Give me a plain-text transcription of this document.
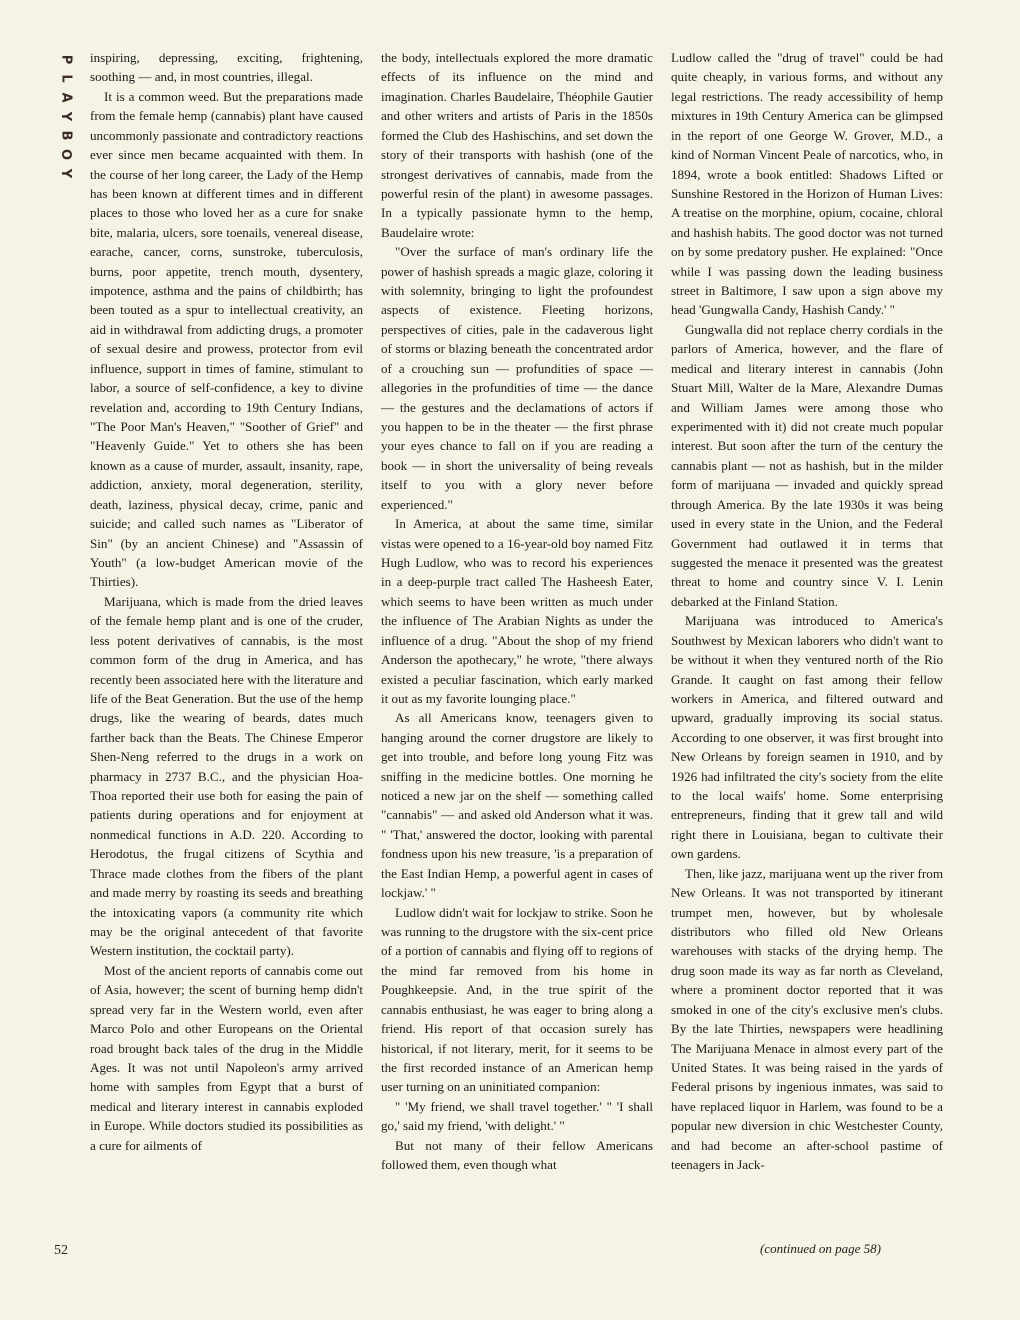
P
L
A
Y
B
O
Y
52

inspiring, depressing, exciting, frightening, soothing — and, in most countries, illegal.

It is a common weed. But the preparations made from the female hemp (cannabis) plant have caused uncommonly passionate and contradictory reactions ever since men became acquainted with them. In the course of her long career, the Lady of the Hemp has been known at different times and in different places to those who loved her as a cure for snake bite, malaria, ulcers, sore toenails, venereal disease, earache, cancer, corns, sunstroke, tuberculosis, burns, poor appetite, trench mouth, dysentery, impotence, asthma and the pains of childbirth; has been touted as a spur to intellectual creativity, an aid in withdrawal from addicting drugs, a promoter of sexual desire and prowess, protector from evil influence, support in times of famine, stimulant to labor, a source of self-confidence, a key to divine revelation and, according to 19th Century Indians, "The Poor Man's Heaven," "Soother of Grief" and "Heavenly Guide." Yet to others she has been known as a cause of murder, assault, insanity, rape, addiction, anxiety, moral degeneration, sterility, death, laziness, physical decay, crime, panic and suicide; and called such names as "Liberator of Sin" (by an ancient Chinese) and "Assassin of Youth" (a low-budget American movie of the Thirties).

Marijuana, which is made from the dried leaves of the female hemp plant and is one of the cruder, less potent derivatives of cannabis, is the most common form of the drug in America, and has recently been associated here with the literature and life of the Beat Generation. But the use of the hemp drugs, like the wearing of beards, dates much farther back than the Beats. The Chinese Emperor Shen-Neng referred to the drugs in a work on pharmacy in 2737 B.C., and the physician Hoa-Thoa reported their use both for easing the pain of patients during operations and for enjoyment at nonmedical functions in A.D. 220. According to Herodotus, the frugal citizens of Scythia and Thrace made clothes from the fibers of the plant and made merry by roasting its seeds and breathing the intoxicating vapors (a community rite which may be the original antecedent of that favorite Western institution, the cocktail party).

Most of the ancient reports of cannabis come out of Asia, however; the scent of burning hemp didn't spread very far in the Western world, even after Marco Polo and other Europeans on the Oriental road brought back tales of the drug in the Middle Ages. It was not until Napoleon's army arrived home with samples from Egypt that a burst of medical and literary interest in cannabis exploded in Europe. While doctors studied its possibilities as a cure for ailments of

the body, intellectuals explored the more dramatic effects of its influence on the mind and imagination. Charles Baudelaire, Théophile Gautier and other writers and artists of Paris in the 1850s formed the Club des Hashischins, and set down the story of their transports with hashish (one of the strongest derivatives of cannabis, made from the powerful resin of the plant) in awesome passages. In a typically passionate hymn to the hemp, Baudelaire wrote:

"Over the surface of man's ordinary life the power of hashish spreads a magic glaze, coloring it with solemnity, bringing to light the profoundest aspects of existence. Fleeting horizons, perspectives of cities, pale in the cadaverous light of storms or blazing beneath the concentrated ardor of a crouching sun — profundities of space — allegories in the profundities of time — the dance — the gestures and the declamations of actors if you happen to be in the theater — the first phrase your eyes chance to fall on if you are reading a book — in short the universality of being reveals itself to you with a glory never before experienced."

In America, at about the same time, similar vistas were opened to a 16-year-old boy named Fitz Hugh Ludlow, who was to record his experiences in a deep-purple tract called The Hasheesh Eater, which seems to have been written as much under the influence of The Arabian Nights as under the influence of a drug. "About the shop of my friend Anderson the apothecary," he wrote, "there always existed a peculiar fascination, which early marked it out as my favorite lounging place."

As all Americans know, teenagers given to hanging around the corner drugstore are likely to get into trouble, and before long young Fitz was sniffing in the medicine bottles. One morning he noticed a new jar on the shelf — something called "cannabis" — and asked old Anderson what it was. " 'That,' answered the doctor, looking with parental fondness upon his new treasure, 'is a preparation of the East Indian Hemp, a powerful agent in cases of lockjaw.' "

Ludlow didn't wait for lockjaw to strike. Soon he was running to the drugstore with the six-cent price of a portion of cannabis and flying off to regions of the mind far removed from his home in Poughkeepsie. And, in the true spirit of the cannabis enthusiast, he was eager to bring along a friend. His report of that occasion surely has historical, if not literary, merit, for it seems to be the first recorded instance of an American hemp user turning on an uninitiated companion:

" 'My friend, we shall travel together.' " 'I shall go,' said my friend, 'with delight.' "

But not many of their fellow Americans followed them, even though what

Ludlow called the "drug of travel" could be had quite cheaply, in various forms, and without any legal restrictions. The ready accessibility of hemp mixtures in 19th Century America can be glimpsed in the report of one George W. Grover, M.D., a kind of Norman Vincent Peale of narcotics, who, in 1894, wrote a book entitled: Shadows Lifted or Sunshine Restored in the Horizon of Human Lives: A treatise on the morphine, opium, cocaine, chloral and hashish habits. The good doctor was not turned on by some predatory pusher. He explained: "Once while I was passing down the leading business street in Baltimore, I saw upon a sign above my head 'Gungwalla Candy, Hashish Candy.' "

Gungwalla did not replace cherry cordials in the parlors of America, however, and the flare of medical and literary interest in cannabis (John Stuart Mill, Walter de la Mare, Alexandre Dumas and William James were among those who experimented with it) did not create much popular interest. But soon after the turn of the century the cannabis plant — not as hashish, but in the milder form of marijuana — invaded and quickly spread through America. By the late 1930s it was being used in every state in the Union, and the Federal Government had outlawed it in terms that suggested the menace it presented was the greatest threat to home and country since V. I. Lenin debarked at the Finland Station.

Marijuana was introduced to America's Southwest by Mexican laborers who didn't want to be without it when they ventured north of the Rio Grande. It caught on fast among their fellow workers in America, and filtered outward and upward, gradually improving its social status. According to one observer, it was first brought into New Orleans by foreign seamen in 1910, and by 1926 had infiltrated the city's society from the elite to the local waifs' home. Some enterprising entrepreneurs, finding that it grew tall and wild right there in Louisiana, began to cultivate their own gardens.

Then, like jazz, marijuana went up the river from New Orleans. It was not transported by itinerant trumpet men, however, but by wholesale distributors who filled old New Orleans warehouses with stacks of the drying hemp. The drug soon made its way as far north as Cleveland, where a prominent doctor reported that it was smoked in one of the city's exclusive men's clubs. By the late Thirties, newspapers were headlining The Marijuana Menace in almost every part of the United States. It was being raised in the yards of Federal prisons by ingenious inmates, was said to have replaced liquor in Harlem, was found to be a popular new diversion in chic Westchester County, and had become an after-school pastime of teenagers in Jack-

(continued on page 58)
